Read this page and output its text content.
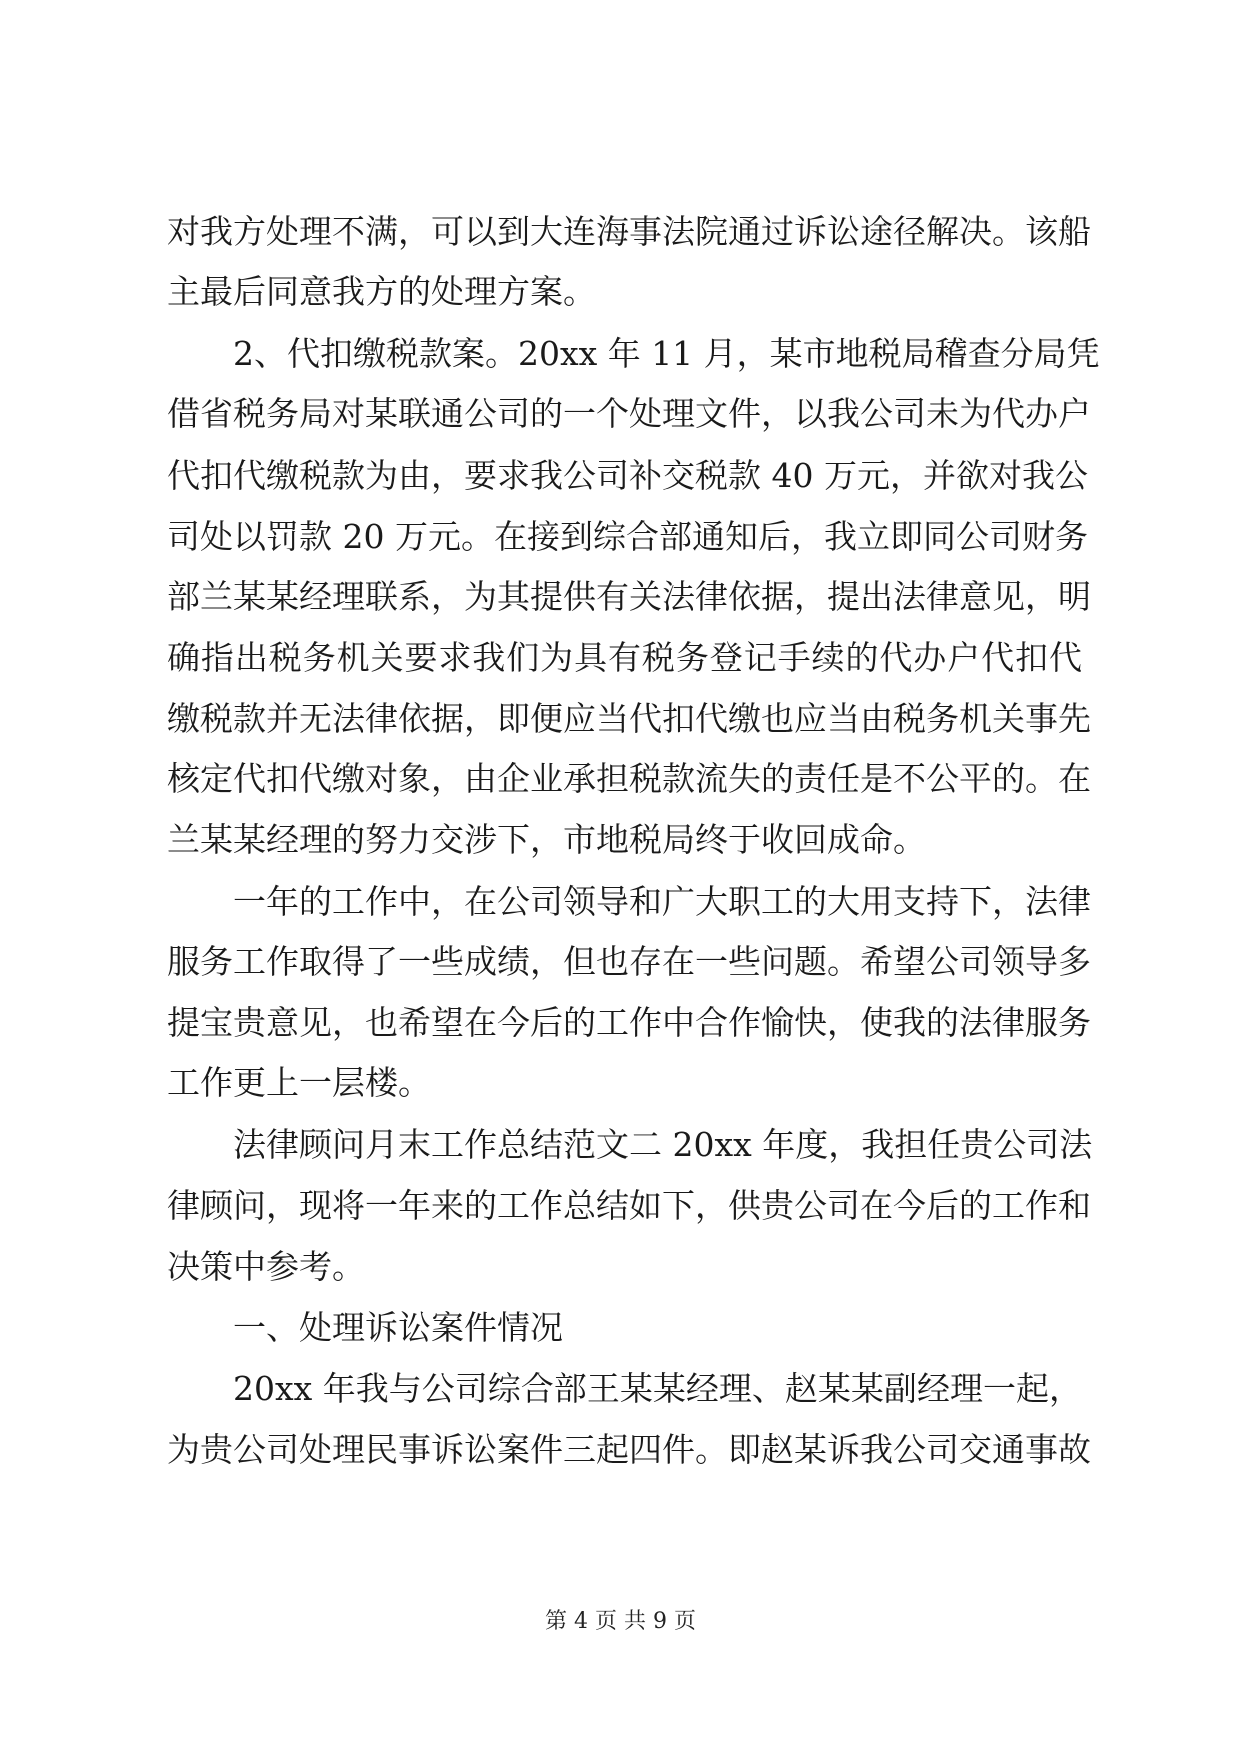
对我方处理不满，可以到大连海事法院通过诉讼途径解决。该船
主最后同意我方的处理方案。
2、代扣缴税款案。20xx 年 11 月，某市地税局稽查分局凭
借省税务局对某联通公司的一个处理文件，以我公司未为代办户
代扣代缴税款为由，要求我公司补交税款 40 万元，并欲对我公
司处以罚款 20 万元。在接到综合部通知后，我立即同公司财务
部兰某某经理联系，为其提供有关法律依据，提出法律意见，明
确指出税务机关要求我们为具有税务登记手续的代办户代扣代
缴税款并无法律依据，即便应当代扣代缴也应当由税务机关事先
核定代扣代缴对象，由企业承担税款流失的责任是不公平的。在
兰某某经理的努力交涉下，市地税局终于收回成命。
一年的工作中，在公司领导和广大职工的大用支持下，法律
服务工作取得了一些成绩，但也存在一些问题。希望公司领导多
提宝贵意见，也希望在今后的工作中合作愉快，使我的法律服务
工作更上一层楼。
法律顾问月末工作总结范文二 20xx 年度，我担任贵公司法
律顾问，现将一年来的工作总结如下，供贵公司在今后的工作和
决策中参考。
一、处理诉讼案件情况
20xx 年我与公司综合部王某某经理、赵某某副经理一起，
为贵公司处理民事诉讼案件三起四件。即赵某诉我公司交通事故
第 4 页 共 9 页
